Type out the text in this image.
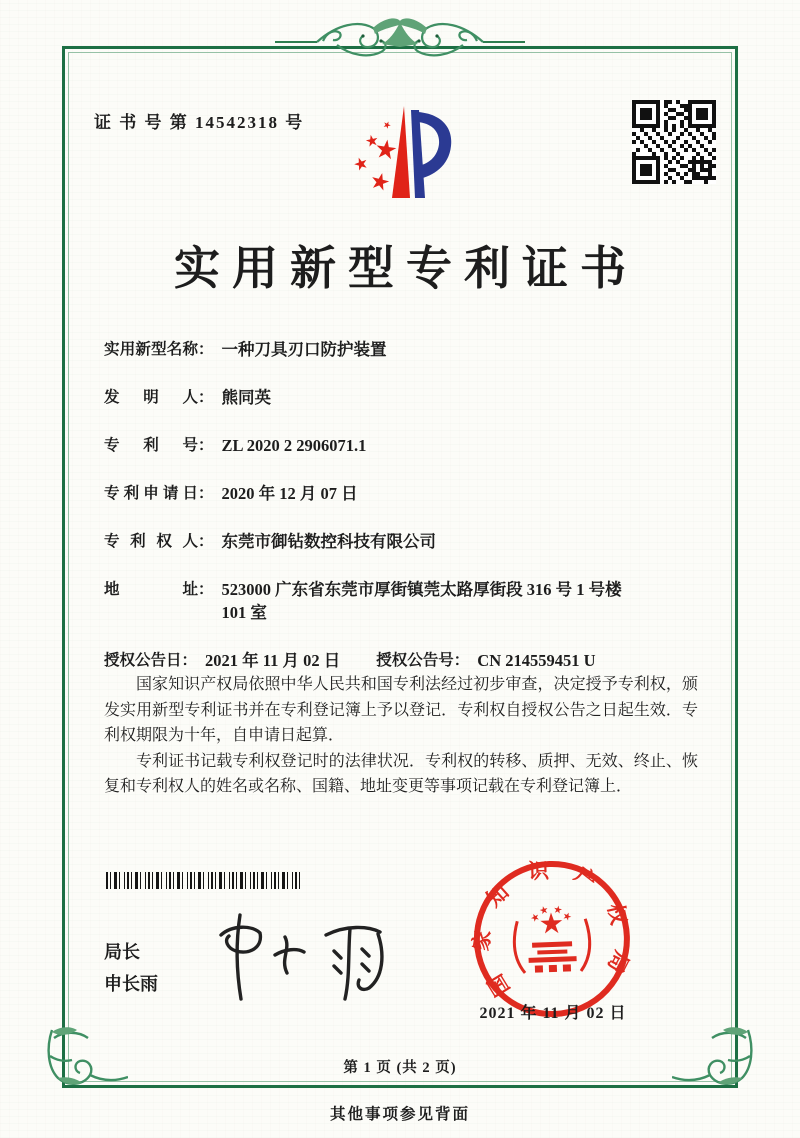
证 书 号 第 14542318 号
实用新型专利证书
实用新型名称 ： 一种刀具刃口防护装置
发明人 ： 熊同英
专利号 ： ZL 2020 2 2906071.1
专利申请日 ： 2020 年 12 月 07 日
专利权人 ： 东莞市御钻数控科技有限公司
地址 ： 523000 广东省东莞市厚街镇莞太路厚街段 316 号 1 号楼 101 室
授权公告日 ： 2021 年 11 月 02 日 授权公告号 ： CN 214559451 U

国家知识产权局依照中华人民共和国专利法经过初步审查，决定授予专利权，颁发实用新型专利证书并在专利登记簿上予以登记．专利权自授权公告之日起生效．专利权期限为十年，自申请日起算．

专利证书记载专利权登记时的法律状况．专利权的转移、质押、无效、终止、恢复和专利权人的姓名或名称、国籍、地址变更等事项记载在专利登记簿上．

局长
申长雨	国家知识产权局
2021 年 11 月 02 日
第 1 页 (共 2 页)
其他事项参见背面
